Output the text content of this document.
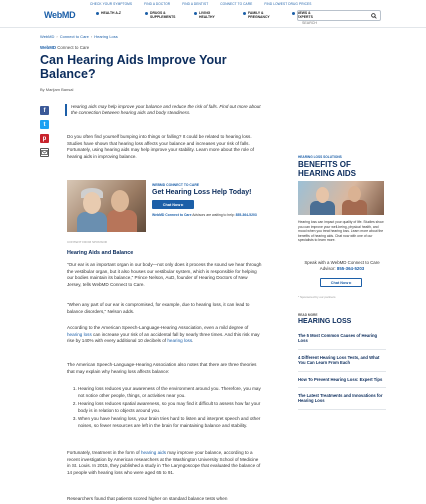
CHECK YOUR SYMPTOMS	FIND A DOCTOR	FIND A DENTIST	CONNECT TO CARE	FIND LOWEST DRUG PRICES
WebMD	HEALTH A-Z	DRUGS & SUPPLEMENTS
LIVING HEALTHY
FAMILY & PREGNANCY
NEWS & EXPERTS
SEARCH
WebMD › Connect to Care › Hearing Loss
WebMD Connect to Care
Can Hearing Aids Improve Your Balance?
By Marijam Bansal
f
t
p
Hearing aids may help improve your balance and reduce the risk of falls. Find out more about the connection between hearing aids and body steadiness.
Do you often find yourself bumping into things or falling? It could be related to hearing loss. Studies have shown that hearing loss affects your balance and increases your risk of falls. Fortunately, using hearing aids may help improve your stability. Learn more about the role of hearing aids in improving balance.
WEBMD CONNECT TO CARE
Get Hearing Loss Help Today!
Chat Now ▸
WebMD Connect to Care Advisors are waiting to help: 855-364-5203
CONTENT FROM SPONSOR
Hearing Aids and Balance
"Our ear is an important organ in our body—not only does it process the sound we hear through the vestibular organ, but it also houses our vestibular system, which is responsible for helping our bodies maintain its balance," Prince Nelson, AuD, founder of Hearing Doctors of New Jersey, tells WebMD Connect to Care.
"When any part of our ear is compromised, for example, due to hearing loss, it can lead to balance disorders," Nelson adds.
According to the American Speech-Language-Hearing Association, even a mild degree of hearing loss can increase your risk of an accidental fall by nearly three times. And this risk may rise by 140% with every additional 10 decibels of hearing loss.
The American Speech-Language-Hearing Association also notes that there are three theories that may explain why hearing loss affects balance:
1. Hearing loss reduces your awareness of the environment around you. Therefore, you may not notice other people, things, or activities near you.
2. Hearing loss reduces spatial awareness, so you may find it difficult to assess how far your body is in relation to objects around you.
3. When you have hearing loss, your brain tries hard to listen and interpret speech and other noises, so fewer resources are left in the brain for maintaining balance and stability.
Fortunately, treatment in the form of hearing aids may improve your balance, according to a recent investigation by American researchers at the Washington University School of Medicine in St. Louis. In 2015, they published a study in The Laryngoscope that evaluated the balance of 14 people with hearing loss who were aged 65 to 91.
Researchers found that patients scored higher on standard balance tests when
HEARING LOSS SOLUTIONS
BENEFITS OF HEARING AIDS
Hearing loss can impact your quality of life. Studies show you can improve your well-being, physical health, and mood when you treat hearing loss. Learn more about the benefits of hearing aids. Chat now with one of our specialists to learn more.
Speak with a WebMD Connect to Care Advisor: 855-364-5203
Chat Now ▸
* Sponsored by our partners
READ MORE
HEARING LOSS
The 5 Most Common Causes of Hearing Loss
4 Different Hearing Loss Tests, and What You Can Learn From Each
How To Prevent Hearing Loss: Expert Tips
The Latest Treatments and Innovations for Hearing Loss
